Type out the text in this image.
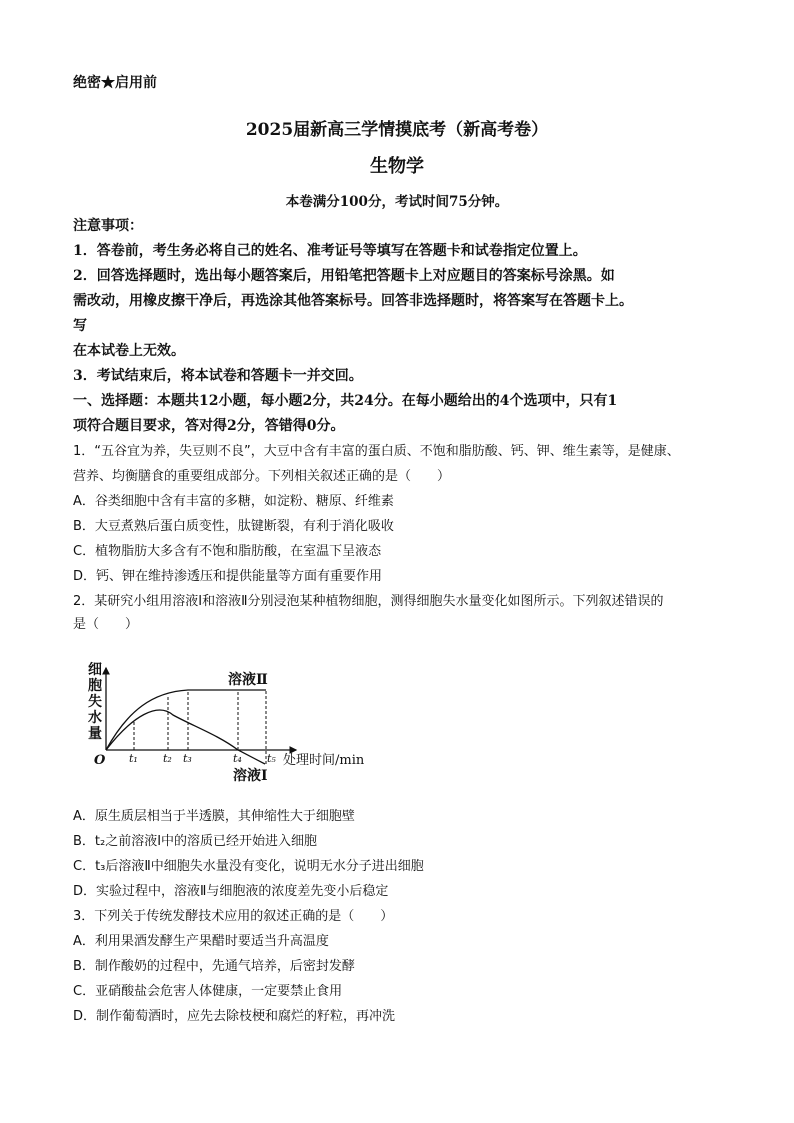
绝密★启用前
2025届新高三学情摸底考（新高考卷）
生物学
本卷满分100分，考试时间75分钟。
注意事项：
1．答卷前，考生务必将自己的姓名、准考证号等填写在答题卡和试卷指定位置上。
2．回答选择题时，选出每小题答案后，用铅笔把答题卡上对应题目的答案标号涂黑。如
需改动，用橡皮擦干净后，再选涂其他答案标号。回答非选择题时，将答案写在答题卡上。
写
在本试卷上无效。
3．考试结束后，将本试卷和答题卡一并交回。
一、选择题：本题共12小题，每小题2分，共24分。在每小题给出的4个选项中，只有1
项符合题目要求，答对得2分，答错得0分。
1．“五谷宜为养，失豆则不良”，大豆中含有丰富的蛋白质、不饱和脂肪酸、钙、钾、维生素等，是健康、
营养、均衡膳食的重要组成部分。下列相关叙述正确的是（　　）
A．谷类细胞中含有丰富的多糖，如淀粉、糖原、纤维素
B．大豆煮熟后蛋白质变性，肽键断裂，有利于消化吸收
C．植物脂肪大多含有不饱和脂肪酸，在室温下呈液态
D．钙、钾在维持渗透压和提供能量等方面有重要作用
2．某研究小组用溶液Ⅰ和溶液Ⅱ分别浸泡某种植物细胞，测得细胞失水量变化如图所示。下列叙述错误的
是（　　）
细胞失水量
O	处理时间/min
t₁ t₂ t₃	t₄ t₅
溶液Ⅱ
溶液Ⅰ
A．原生质层相当于半透膜，其伸缩性大于细胞壁
B．t₂之前溶液Ⅰ中的溶质已经开始进入细胞
C．t₃后溶液Ⅱ中细胞失水量没有变化，说明无水分子进出细胞
D．实验过程中，溶液Ⅱ与细胞液的浓度差先变小后稳定
3．下列关于传统发酵技术应用的叙述正确的是（　　）
A．利用果酒发酵生产果醋时要适当升高温度
B．制作酸奶的过程中，先通气培养，后密封发酵
C．亚硝酸盐会危害人体健康，一定要禁止食用
D．制作葡萄酒时，应先去除枝梗和腐烂的籽粒，再冲洗
